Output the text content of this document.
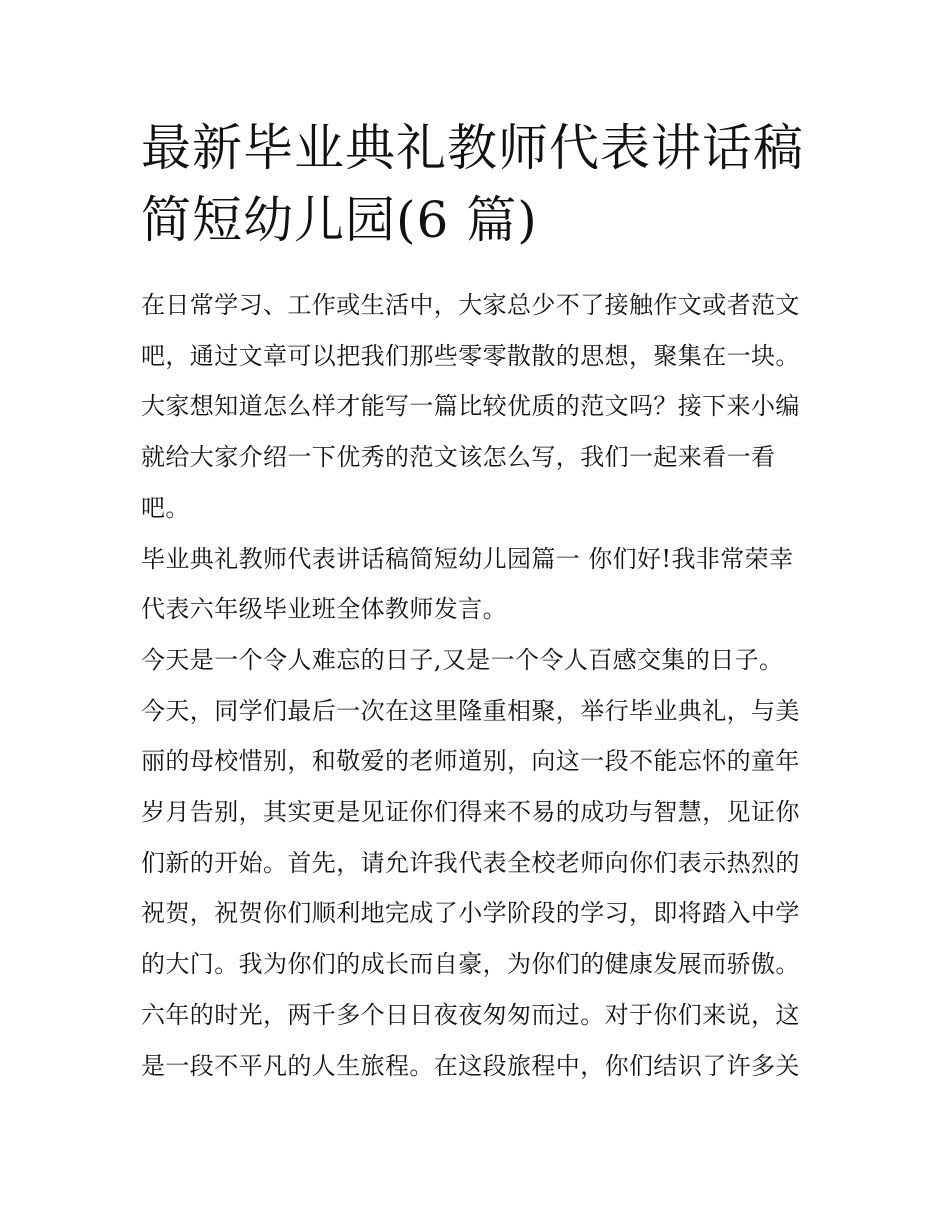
最新毕业典礼教师代表讲话稿
简短幼儿园(6 篇)

在日常学习、工作或生活中，大家总少不了接触作文或者范文
吧，通过文章可以把我们那些零零散散的思想，聚集在一块。
大家想知道怎么样才能写一篇比较优质的范文吗？接下来小编
就给大家介绍一下优秀的范文该怎么写，我们一起来看一看
吧。

毕业典礼教师代表讲话稿简短幼儿园篇一 你们好!我非常荣幸
代表六年级毕业班全体教师发言。

今天是一个令人难忘的日子,又是一个令人百感交集的日子。

今天，同学们最后一次在这里隆重相聚，举行毕业典礼，与美
丽的母校惜别，和敬爱的老师道别，向这一段不能忘怀的童年
岁月告别，其实更是见证你们得来不易的成功与智慧，见证你
们新的开始。首先，请允许我代表全校老师向你们表示热烈的
祝贺，祝贺你们顺利地完成了小学阶段的学习，即将踏入中学
的大门。我为你们的成长而自豪，为你们的健康发展而骄傲。

六年的时光，两千多个日日夜夜匆匆而过。对于你们来说，这
是一段不平凡的人生旅程。在这段旅程中，你们结识了许多关
